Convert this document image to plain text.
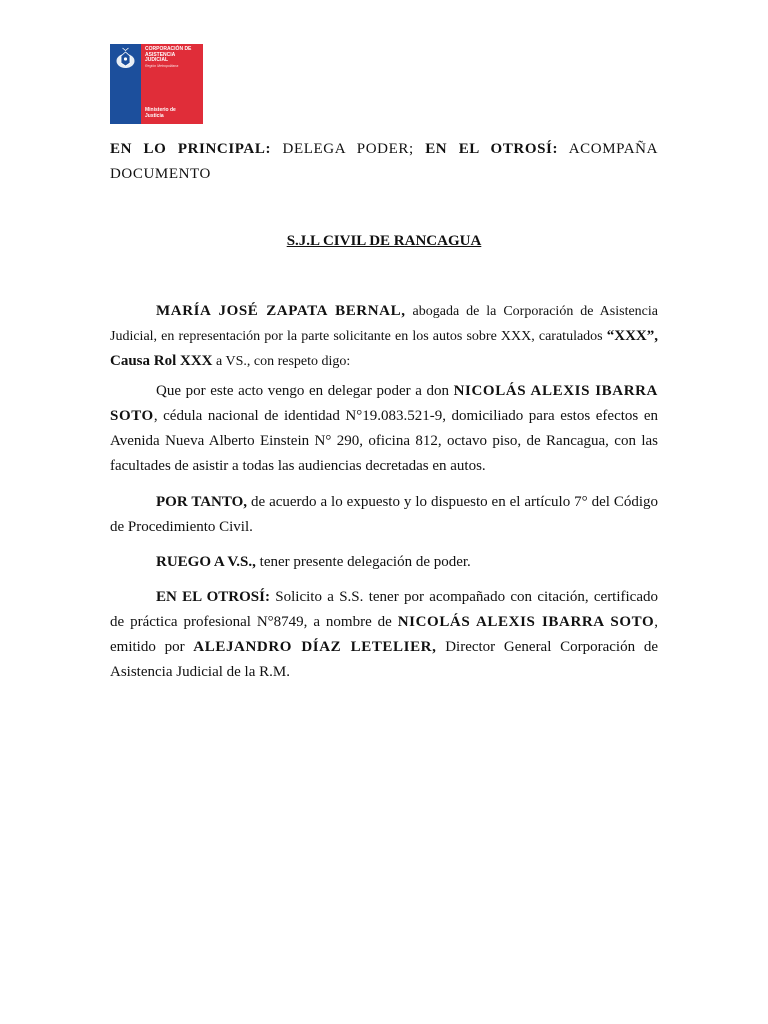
CORPORACIÓN DE
ASISTENCIA
JUDICIAL
Región Metropolitana
Ministerio de
Justicia

EN LO PRINCIPAL: DELEGA PODER; EN EL OTROSÍ: ACOMPAÑA DOCUMENTO

S.J.L CIVIL DE RANCAGUA

MARÍA JOSÉ ZAPATA BERNAL, abogada de la Corporación de Asistencia Judicial, en representación por la parte solicitante en los autos sobre XXX, caratulados “XXX”, Causa Rol XXX a VS., con respeto digo:

Que por este acto vengo en delegar poder a don NICOLÁS ALEXIS IBARRA SOTO, cédula nacional de identidad N°19.083.521-9, domiciliado para estos efectos en Avenida Nueva Alberto Einstein N° 290, oficina 812, octavo piso, de Rancagua, con las facultades de asistir a todas las audiencias decretadas en autos.

POR TANTO, de acuerdo a lo expuesto y lo dispuesto en el artículo 7° del Código de Procedimiento Civil.

RUEGO A V.S., tener presente delegación de poder.

EN EL OTROSÍ: Solicito a S.S. tener por acompañado con citación, certificado de práctica profesional N°8749, a nombre de NICOLÁS ALEXIS IBARRA SOTO, emitido por ALEJANDRO DÍAZ LETELIER, Director General Corporación de Asistencia Judicial de la R.M.
